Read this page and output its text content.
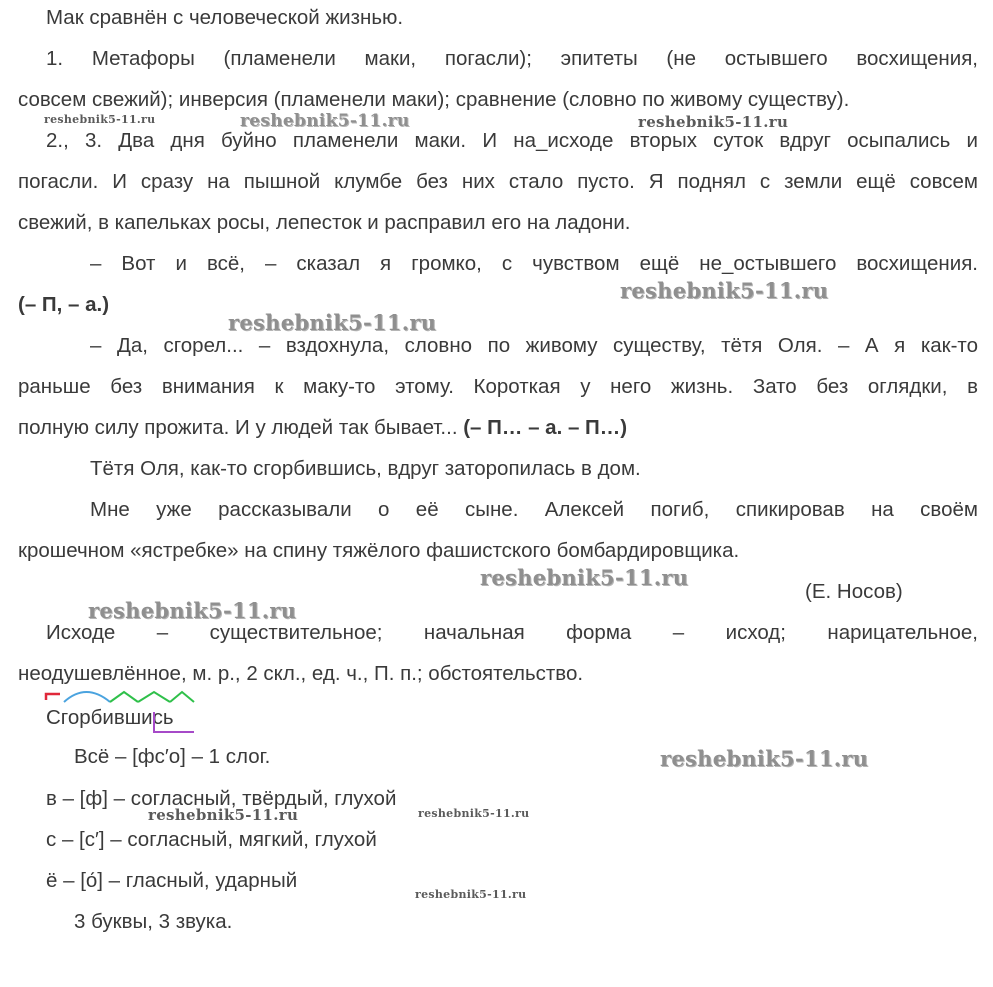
Мак сравнён с человеческой жизнью.
1. Метафоры (пламенели маки, погасли); эпитеты (не остывшего восхищения,
совсем свежий); инверсия (пламенели маки); сравнение (словно по живому существу).
2., 3. Два дня буйно пламенели маки. И на_исходе вторых суток вдруг осыпались и
погасли. И сразу на пышной клумбе без них стало пусто. Я поднял с земли ещё совсем
свежий, в капельках росы, лепесток и расправил его на ладони.
– Вот и всё, – сказал я громко, с чувством ещё не_остывшего восхищения.
(– П, – а.)
– Да, сгорел... – вздохнула, словно по живому существу, тётя Оля. – А я как-то
раньше без внимания к маку-то этому. Короткая у него жизнь. Зато без оглядки, в
полную силу прожита. И у людей так бывает... (– П… – а. – П…)
Тётя Оля, как-то сгорбившись, вдруг заторопилась в дом.
Мне уже рассказывали о её сыне. Алексей погиб, спикировав на своём
крошечном «ястребке» на спину тяжёлого фашистского бомбардировщика.
(Е. Носов)
Исходе – существительное; начальная форма – исход; нарицательное,
неодушевлённое, м. р., 2 скл., ед. ч., П. п.; обстоятельство.
Сгорбившись
Всё – [фс′о] – 1 слог.
в – [ф] – согласный, твёрдый, глухой
с – [с′] – согласный, мягкий, глухой
ё – [о́] – гласный, ударный
3 буквы, 3 звука.
reshebnik5-11.ru	reshebnik5-11.ru	reshebnik5-11.ru
reshebnik5-11.ru
reshebnik5-11.ru
reshebnik5-11.ru
reshebnik5-11.ru
reshebnik5-11.ru
reshebnik5-11.ru	reshebnik5-11.ru
reshebnik5-11.ru
